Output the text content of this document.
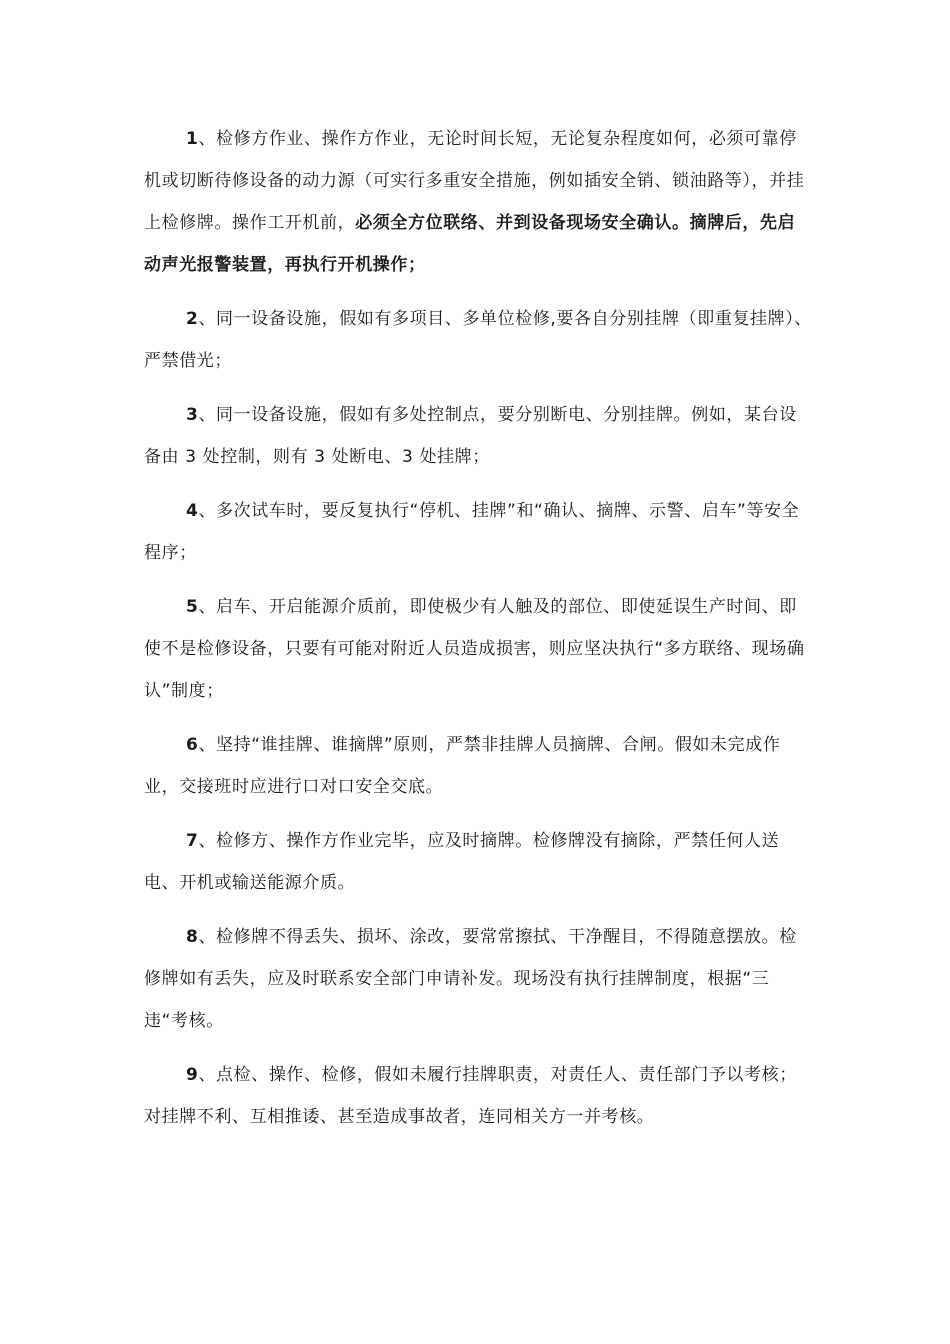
1、检修方作业、操作方作业，无论时间长短，无论复杂程度如何，必须可靠停机或切断待修设备的动力源（可实行多重安全措施，例如插安全销、锁油路等），并挂上检修牌。操作工开机前，必须全方位联络、并到设备现场安全确认。摘牌后，先启动声光报警装置，再执行开机操作；

2、同一设备设施，假如有多项目、多单位检修,要各自分别挂牌（即重复挂牌）、严禁借光；

3、同一设备设施，假如有多处控制点，要分别断电、分别挂牌。例如，某台设备由 3 处控制，则有 3 处断电、3 处挂牌；

4、多次试车时，要反复执行“停机、挂牌”和“确认、摘牌、示警、启车”等安全程序；

5、启车、开启能源介质前，即使极少有人触及的部位、即使延误生产时间、即使不是检修设备，只要有可能对附近人员造成损害，则应坚决执行“多方联络、现场确认”制度；

6、坚持“谁挂牌、谁摘牌”原则，严禁非挂牌人员摘牌、合闸。假如未完成作业，交接班时应进行口对口安全交底。

7、检修方、操作方作业完毕，应及时摘牌。检修牌没有摘除，严禁任何人送电、开机或输送能源介质。

8、检修牌不得丢失、损坏、涂改，要常常擦拭、干净醒目，不得随意摆放。检修牌如有丢失，应及时联系安全部门申请补发。现场没有执行挂牌制度，根据“三违“考核。

9、点检、操作、检修，假如未履行挂牌职责，对责任人、责任部门予以考核；对挂牌不利、互相推诿、甚至造成事故者，连同相关方一并考核。
